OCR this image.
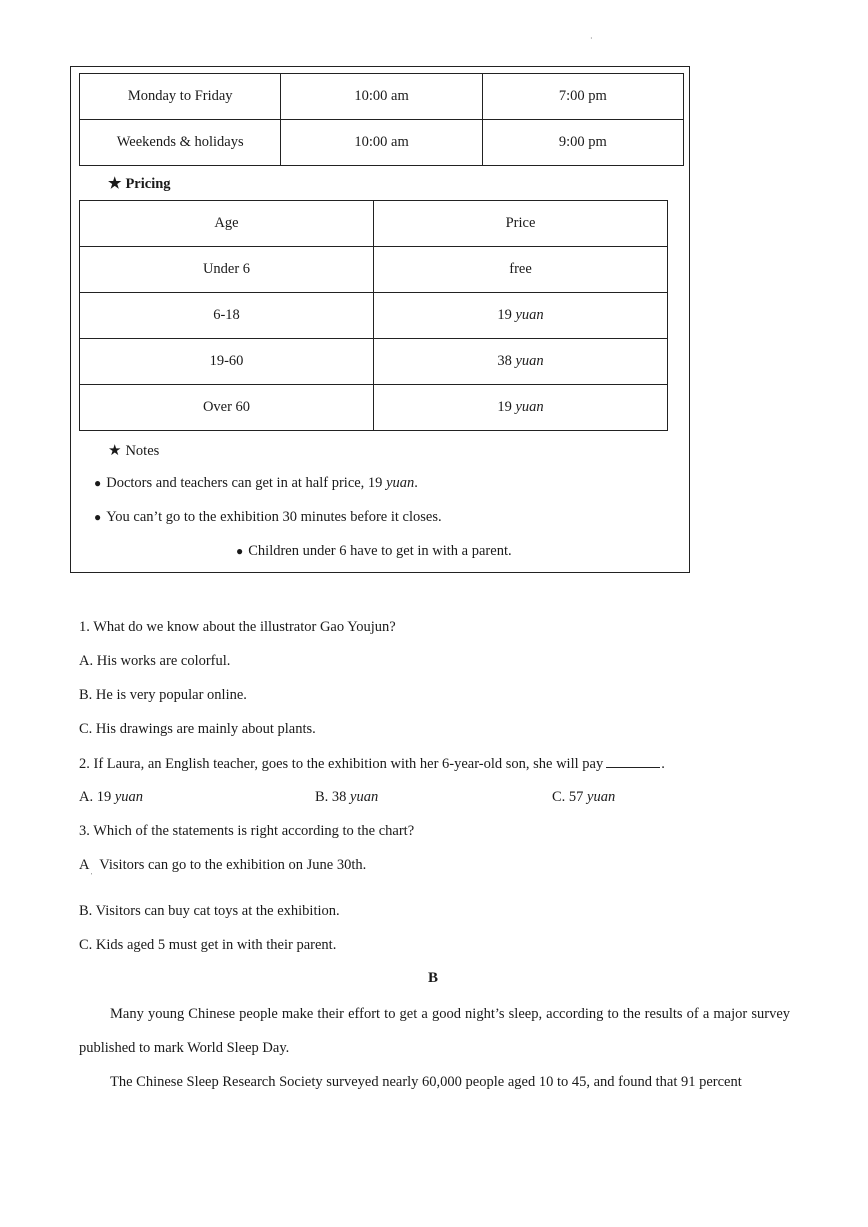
·
Monday to Friday	10:00 am	7:00 pm
Weekends & holidays	10:00 am	9:00 pm
★ Pricing
Age	Price
Under 6	free
6-18	19 yuan
19-60	38 yuan
Over 60	19 yuan
★ Notes
● Doctors and teachers can get in at half price, 19 yuan.
● You can’t go to the exhibition 30 minutes before it closes.
● Children under 6 have to get in with a parent.
1. What do we know about the illustrator Gao Youjun?
A. His works are colorful.
B. He is very popular online.
C. His drawings are mainly about plants.
2. If Laura, an English teacher, goes to the exhibition with her 6-year-old son, she will pay	.
A. 19 yuan	B. 38 yuan	C. 57 yuan
3. Which of the statements is right according to the chart?
A   Visitors can go to the exhibition on June 30th.
'
B. Visitors can buy cat toys at the exhibition.
C. Kids aged 5 must get in with their parent.
B
Many young Chinese people make their effort to get a good night’s sleep, according to the results of a major survey published to mark World Sleep Day.
The Chinese Sleep Research Society surveyed nearly 60,000 people aged 10 to 45, and found that 91 percent
